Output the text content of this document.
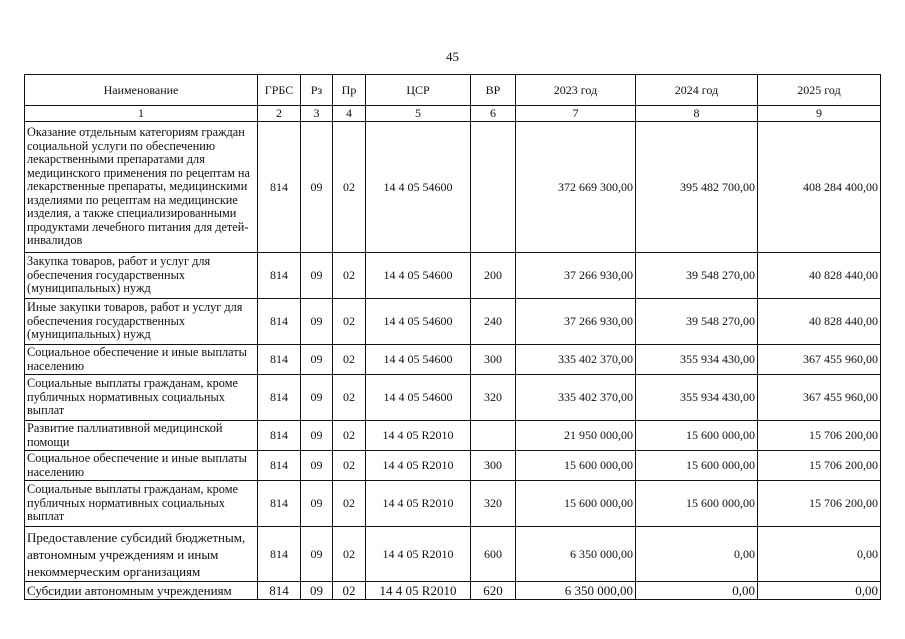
45
Наименование	ГРБС	Рз	Пр	ЦСР	ВР	2023 год	2024 год	2025 год
1	2	3	4	5	6	7	8	9
Оказание отдельным категориям граждан социальной услуги по обеспечению лекарственными препаратами для медицинского применения по рецептам на лекарственные препараты, медицинскими изделиями по рецептам на медицинские изделия, а также специализированными продуктами лечебного питания для детей-инвалидов	814	09	02	14 4 05 54600		372 669 300,00	395 482 700,00	408 284 400,00
Закупка товаров, работ и услуг для обеспечения государственных (муниципальных) нужд	814	09	02	14 4 05 54600	200	37 266 930,00	39 548 270,00	40 828 440,00
Иные закупки товаров, работ и услуг для обеспечения государственных (муниципальных) нужд	814	09	02	14 4 05 54600	240	37 266 930,00	39 548 270,00	40 828 440,00
Социальное обеспечение и иные выплаты населению	814	09	02	14 4 05 54600	300	335 402 370,00	355 934 430,00	367 455 960,00
Социальные выплаты гражданам, кроме публичных нормативных социальных выплат	814	09	02	14 4 05 54600	320	335 402 370,00	355 934 430,00	367 455 960,00
Развитие паллиативной медицинской помощи	814	09	02	14 4 05 R2010		21 950 000,00	15 600 000,00	15 706 200,00
Социальное обеспечение и иные выплаты населению	814	09	02	14 4 05 R2010	300	15 600 000,00	15 600 000,00	15 706 200,00
Социальные выплаты гражданам, кроме публичных нормативных социальных выплат	814	09	02	14 4 05 R2010	320	15 600 000,00	15 600 000,00	15 706 200,00
Предоставление субсидий бюджетным, автономным учреждениям и иным некоммерческим организациям	814	09	02	14 4 05 R2010	600	6 350 000,00	0,00	0,00
Субсидии автономным учреждениям	814	09	02	14 4 05 R2010	620	6 350 000,00	0,00	0,00
